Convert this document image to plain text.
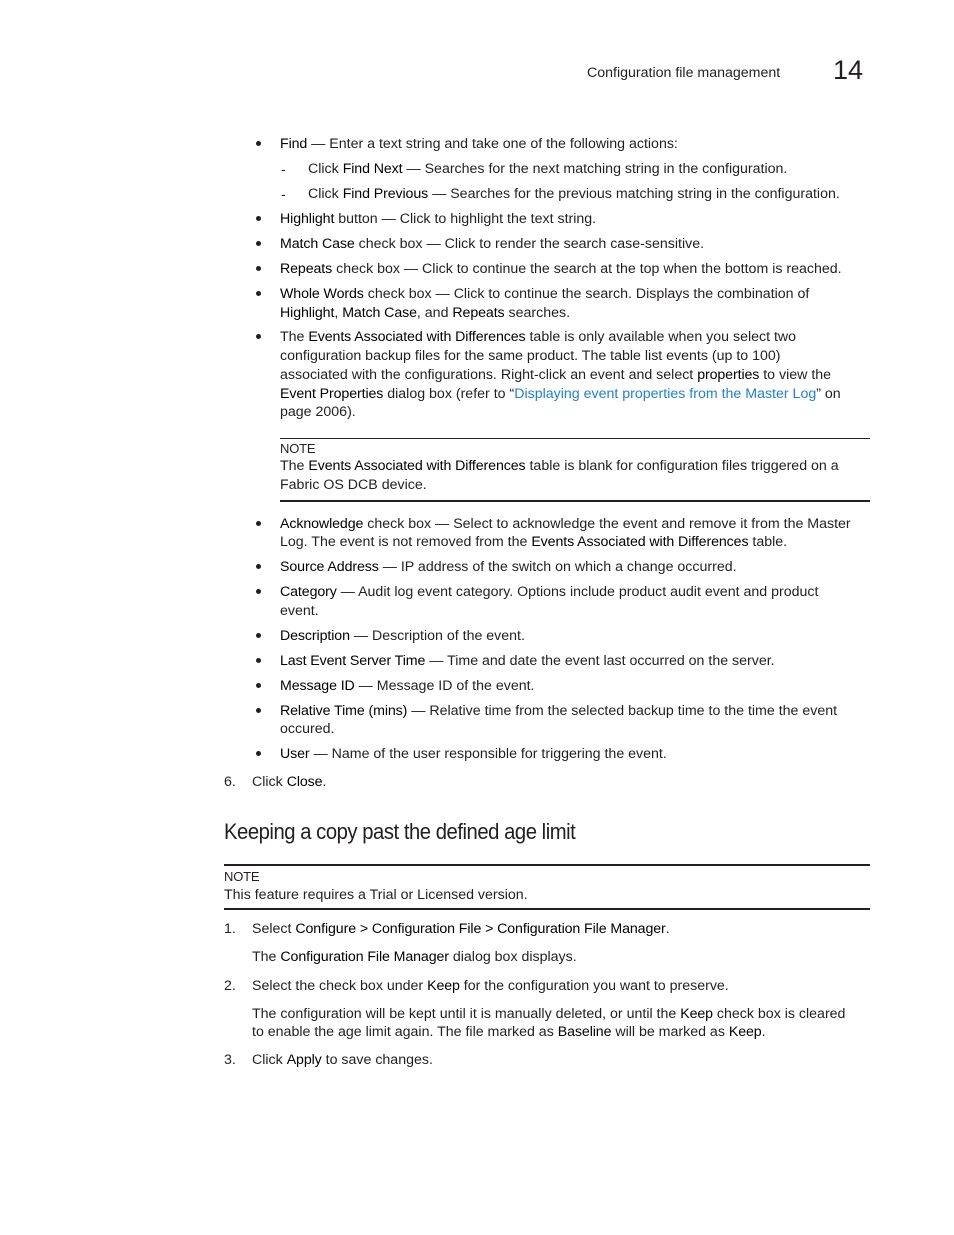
Configuration file management 14
Find — Enter a text string and take one of the following actions:
- Click Find Next — Searches for the next matching string in the configuration.
- Click Find Previous — Searches for the previous matching string in the configuration.
Highlight button — Click to highlight the text string.
Match Case check box — Click to render the search case-sensitive.
Repeats check box — Click to continue the search at the top when the bottom is reached.
Whole Words check box — Click to continue the search. Displays the combination of
Highlight, Match Case, and Repeats searches.
The Events Associated with Differences table is only available when you select two
configuration backup files for the same product. The table list events (up to 100)
associated with the configurations. Right-click an event and select properties to view the
Event Properties dialog box (refer to “Displaying event properties from the Master Log” on
page 2006).
NOTE
The Events Associated with Differences table is blank for configuration files triggered on a
Fabric OS DCB device.
Acknowledge check box — Select to acknowledge the event and remove it from the Master
Log. The event is not removed from the Events Associated with Differences table.
Source Address — IP address of the switch on which a change occurred.
Category — Audit log event category. Options include product audit event and product
event.
Description — Description of the event.
Last Event Server Time — Time and date the event last occurred on the server.
Message ID — Message ID of the event.
Relative Time (mins) — Relative time from the selected backup time to the time the event
occured.
User — Name of the user responsible for triggering the event.
6. Click Close.
Keeping a copy past the defined age limit
NOTE
This feature requires a Trial or Licensed version.
1. Select Configure > Configuration File > Configuration File Manager.
The Configuration File Manager dialog box displays.
2. Select the check box under Keep for the configuration you want to preserve.
The configuration will be kept until it is manually deleted, or until the Keep check box is cleared
to enable the age limit again. The file marked as Baseline will be marked as Keep.
3. Click Apply to save changes.
